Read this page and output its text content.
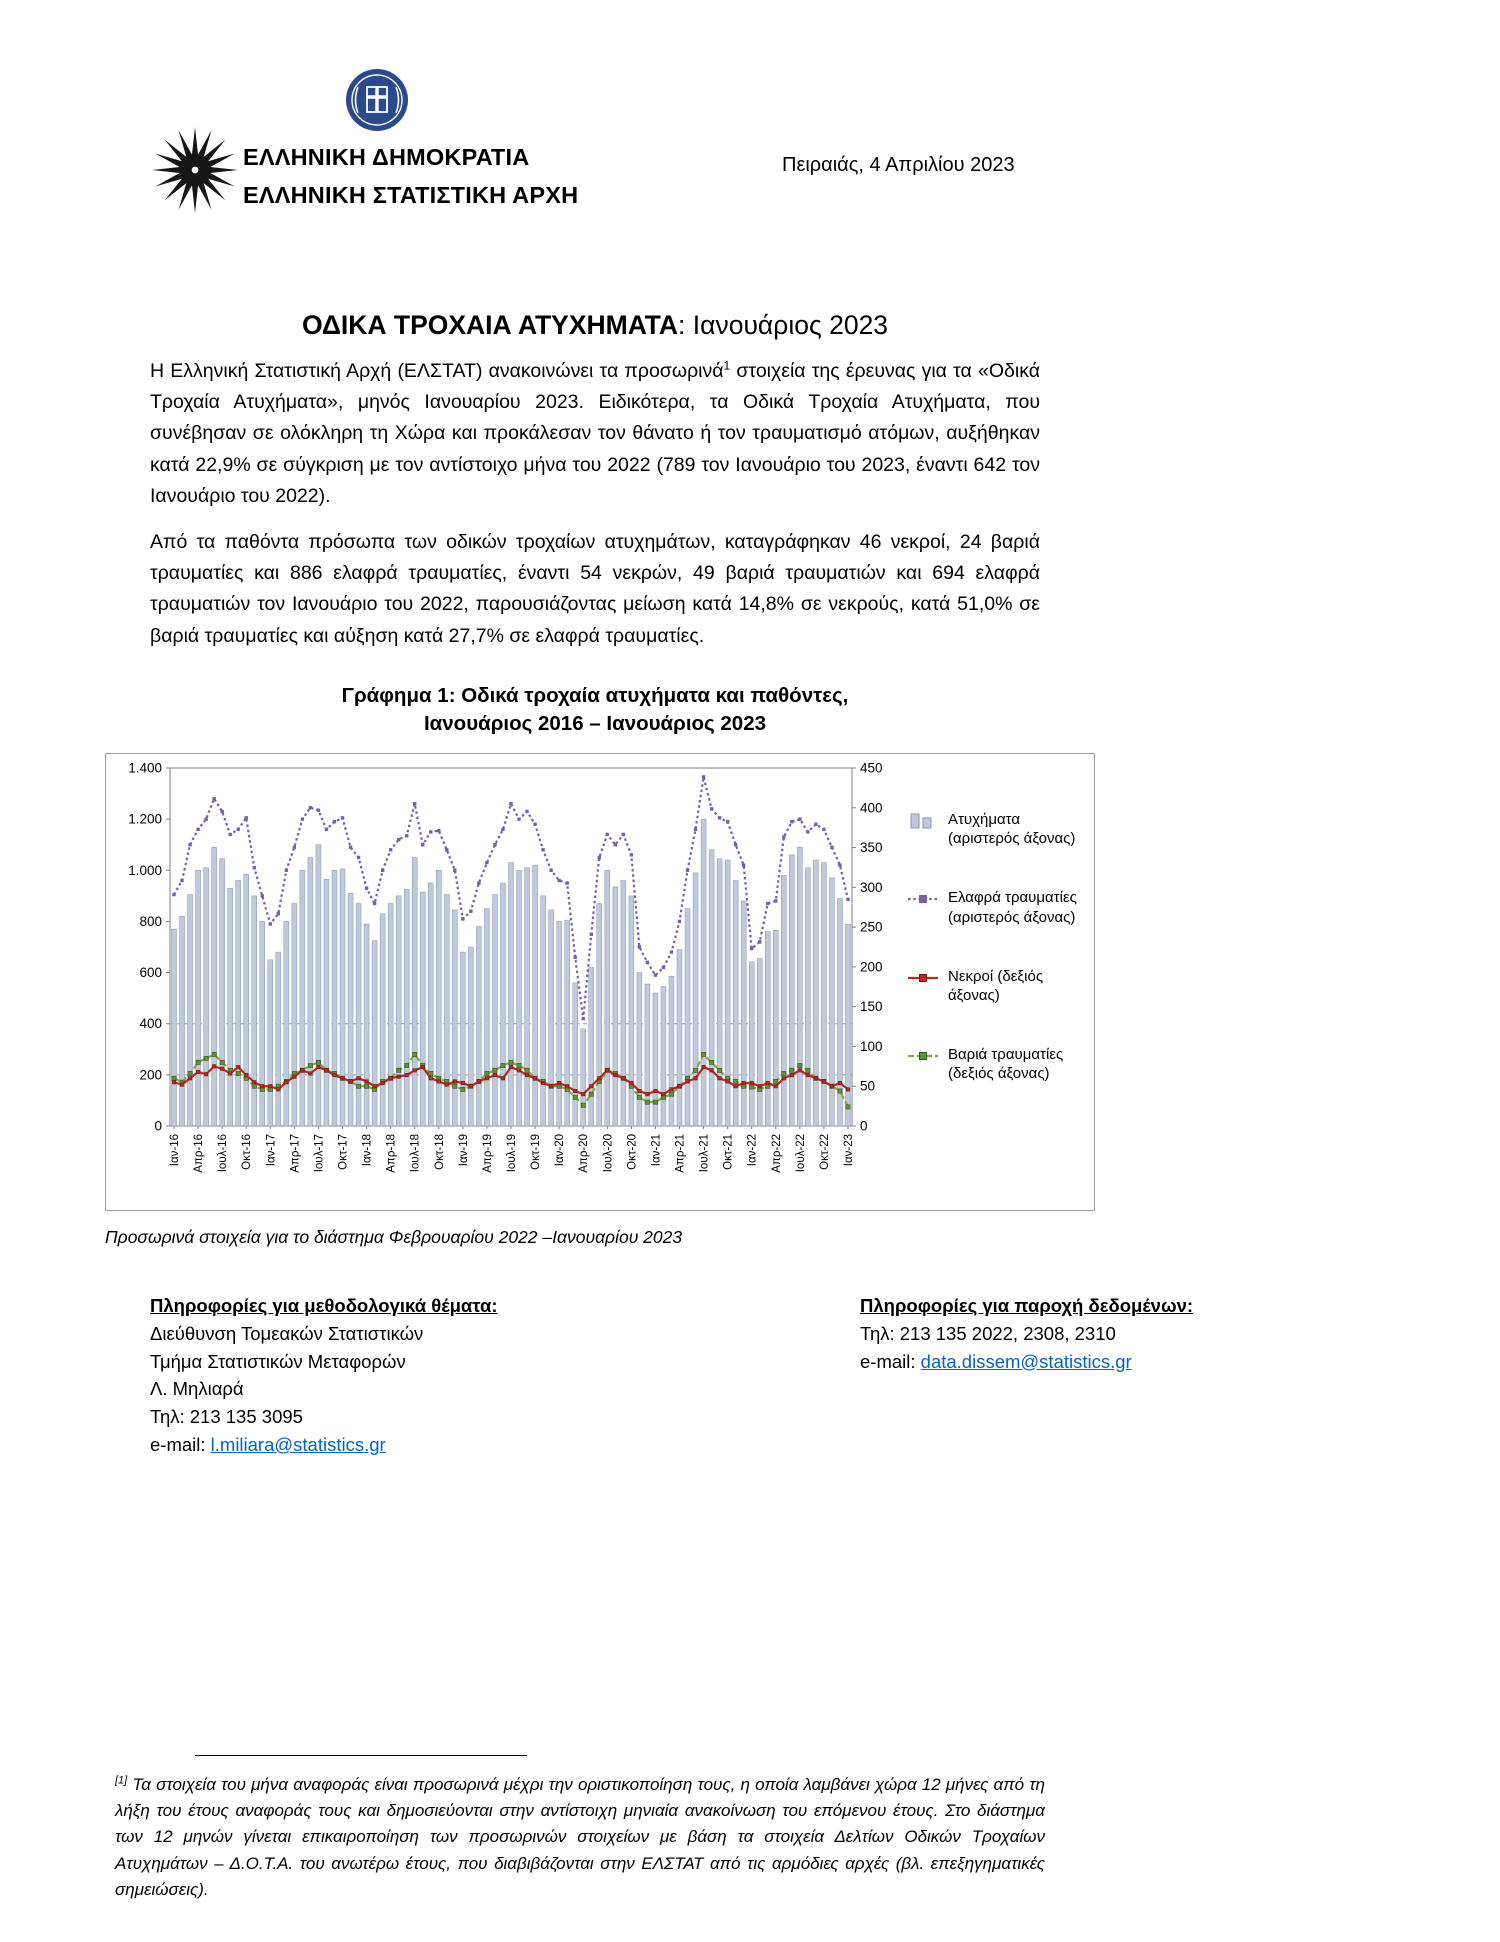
ΕΛΛΗΝΙΚΗ ΔΗΜΟΚΡΑΤΙΑ
ΕΛΛΗΝΙΚΗ ΣΤΑΤΙΣΤΙΚΗ ΑΡΧΗ
Πειραιάς, 4 Απριλίου 2023
ΟΔΙΚΑ ΤΡΟΧΑΙΑ ΑΤΥΧΗΜΑΤΑ: Ιανουάριος 2023

Η Ελληνική Στατιστική Αρχή (ΕΛΣΤΑΤ) ανακοινώνει τα προσωρινά$^1$ στοιχεία της έρευνας για τα «Οδικά Τροχαία Ατυχήματα», μηνός Ιανουαρίου 2023. Ειδικότερα, τα Οδικά Τροχαία Ατυχήματα, που συνέβησαν σε ολόκληρη τη Χώρα και προκάλεσαν τον θάνατο ή τον τραυματισμό ατόμων, αυξήθηκαν κατά 22,9% σε σύγκριση με τον αντίστοιχο μήνα του 2022 (789 τον Ιανουάριο του 2023, έναντι 642 τον Ιανουάριο του 2022).

Από τα παθόντα πρόσωπα των οδικών τροχαίων ατυχημάτων, καταγράφηκαν 46 νεκροί, 24 βαριά τραυματίες και 886 ελαφρά τραυματίες, έναντι 54 νεκρών, 49 βαριά τραυματιών και 694 ελαφρά τραυματιών τον Ιανουάριο του 2022, παρουσιάζοντας μείωση κατά 14,8% σε νεκρούς, κατά 51,0% σε βαριά τραυματίες και αύξηση κατά 27,7% σε ελαφρά τραυματίες.

Γράφημα 1: Οδικά τροχαία ατυχήματα και παθόντες,
Ιανουάριος 2016 – Ιανουάριος 2023
0
200
400
600
800
1.000
1.200
1.400
0
50
100
150
200
250
300
350
400
450
Ιαν-16 Απρ-16 Ιουλ-16 Οκτ-16 Ιαν-17 Απρ-17 Ιουλ-17 Οκτ-17 Ιαν-18 Απρ-18 Ιουλ-18 Οκτ-18 Ιαν-19 Απρ-19 Ιουλ-19 Οκτ-19 Ιαν-20 Απρ-20 Ιουλ-20 Οκτ-20 Ιαν-21 Απρ-21 Ιουλ-21 Οκτ-21 Ιαν-22 Απρ-22 Ιουλ-22 Οκτ-22 Ιαν-23
Ατυχήματα (αριστερός άξονας)
Ελαφρά τραυματίες (αριστερός άξονας)
Νεκροί (δεξιός άξονας)
Βαριά τραυματίες (δεξιός άξονας)
Προσωρινά στοιχεία για το διάστημα Φεβρουαρίου 2022 –Ιανουαρίου 2023
Πληροφορίες για μεθοδολογικά θέματα:
Διεύθυνση Τομεακών Στατιστικών
Τμήμα Στατιστικών Μεταφορών
Λ. Μηλιαρά
Τηλ: 213 135 3095
e-mail: l.miliara@statistics.gr
Πληροφορίες για παροχή δεδομένων:
Τηλ: 213 135 2022, 2308, 2310
e-mail: data.dissem@statistics.gr
[1] Τα στοιχεία του μήνα αναφοράς είναι προσωρινά μέχρι την οριστικοποίηση τους, η οποία λαμβάνει χώρα 12 μήνες από τη λήξη του έτους αναφοράς τους και δημοσιεύονται στην αντίστοιχη μηνιαία ανακοίνωση του επόμενου έτους. Στο διάστημα των 12 μηνών γίνεται επικαιροποίηση των προσωρινών στοιχείων με βάση τα στοιχεία Δελτίων Οδικών Τροχαίων Ατυχημάτων – Δ.Ο.Τ.Α. του ανωτέρω έτους, που διαβιβάζονται στην ΕΛΣΤΑΤ από τις αρμόδιες αρχές (βλ. επεξηγηματικές σημειώσεις).
